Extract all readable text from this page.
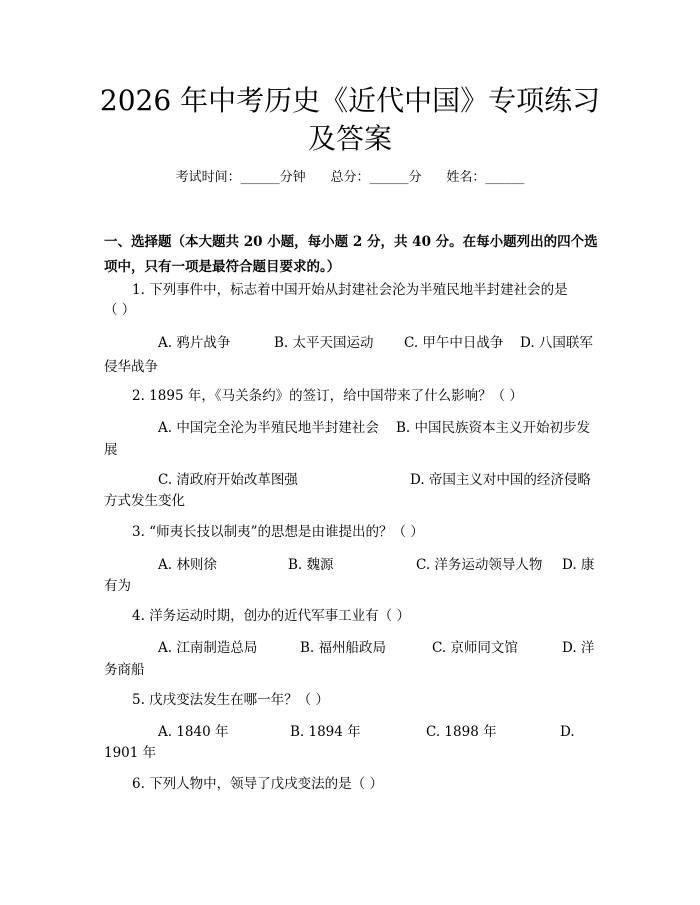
2026 年中考历史《近代中国》专项练习及答案
考试时间：______分钟 总分：______分 姓名：______
一、选择题（本大题共 20 小题，每小题 2 分，共 40 分。在每小题列出的四个选项中，只有一项是最符合题目要求的。）
1. 下列事件中，标志着中国开始从封建社会沦为半殖民地半封建社会的是
（ ）
A. 鸦片战争	B. 太平天国运动 C. 甲午中日战争 D. 八国联军
侵华战争
2. 1895 年，《马关条约》的签订，给中国带来了什么影响？（ ）
A. 中国完全沦为半殖民地半封建社会 B. 中国民族资本主义开始初步发
展
C. 清政府开始改革图强	D. 帝国主义对中国的经济侵略
方式发生变化
3. “师夷长技以制夷”的思想是由谁提出的？（ ）
A. 林则徐	B. 魏源	C. 洋务运动领导人物 D. 康
有为
4. 洋务运动时期，创办的近代军事工业有（ ）
A. 江南制造总局	B. 福州船政局	C. 京师同文馆	D. 洋
务商船
5. 戊戌变法发生在哪一年？（ ）
A. 1840 年	B. 1894 年	C. 1898 年	D.
1901 年
6. 下列人物中，领导了戊戌变法的是（ ）
